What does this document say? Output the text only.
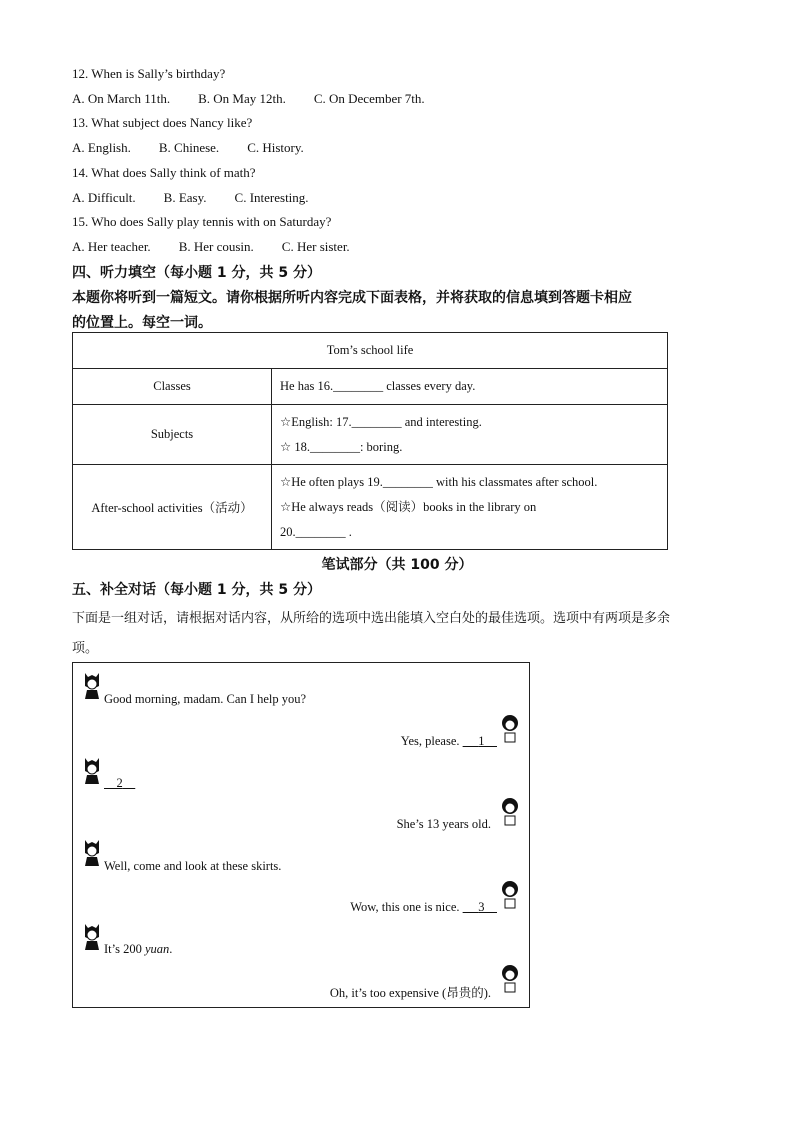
12. When is Sally’s birthday?
A. On March 11th. B. On May 12th. C. On December 7th.
13. What subject does Nancy like?
A. English. B. Chinese. C. History.
14. What does Sally think of math?
A. Difficult. B. Easy. C. Interesting.
15. Who does Sally play tennis with on Saturday?
A. Her teacher. B. Her cousin. C. Her sister.
四、听力填空（每小题 1 分，共 5 分）
本题你将听到一篇短文。请你根据所听内容完成下面表格，并将获取的信息填到答题卡相应
的位置上。每空一词。
Tom’s school life	
Classes	He has 16.________ classes every day.
Subjects	☆English: 17.________ and interesting.
☆ 18.________: boring.

After-school activities（活动）	☆He often plays 19.________ with his classmates after school.
☆He always reads（阅读）books in the library on
20.________ .
笔试部分（共 100 分）
五、补全对话（每小题 1 分，共 5 分）
下面是一组对话，请根据对话内容，从所给的选项中选出能填入空白处的最佳选项。选项中有两项是多余
项。
Good morning, madam. Can I help you?
Yes, please. 1
2
She’s 13 years old.
Well, come and look at these skirts.
Wow, this one is nice. 3
It’s 200 yuan.
Oh, it’s too expensive (昂贵的).
